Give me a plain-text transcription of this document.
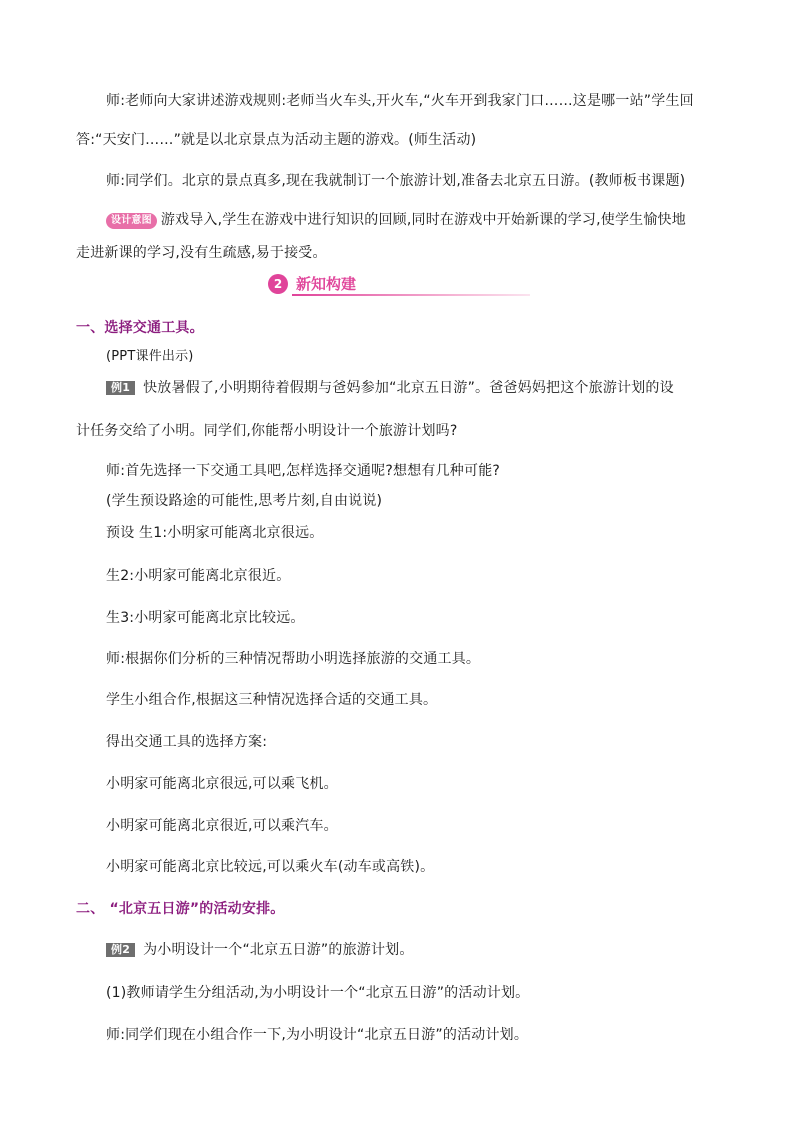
师:老师向大家讲述游戏规则:老师当火车头,开火车,“火车开到我家门口……这是哪一站”学生回
答:“天安门……”就是以北京景点为活动主题的游戏。(师生活动)
师:同学们。北京的景点真多,现在我就制订一个旅游计划,准备去北京五日游。(教师板书课题)
设计意图 游戏导入,学生在游戏中进行知识的回顾,同时在游戏中开始新课的学习,使学生愉快地
走进新课的学习,没有生疏感,易于接受。
2 新知构建
一、选择交通工具。
(PPT课件出示)
例1 快放暑假了,小明期待着假期与爸妈参加“北京五日游”。爸爸妈妈把这个旅游计划的设
计任务交给了小明。同学们,你能帮小明设计一个旅游计划吗?
师:首先选择一下交通工具吧,怎样选择交通呢?想想有几种可能?
(学生预设路途的可能性,思考片刻,自由说说)
预设 生1:小明家可能离北京很远。
生2:小明家可能离北京很近。
生3:小明家可能离北京比较远。
师:根据你们分析的三种情况帮助小明选择旅游的交通工具。
学生小组合作,根据这三种情况选择合适的交通工具。
得出交通工具的选择方案:
小明家可能离北京很远,可以乘飞机。
小明家可能离北京很近,可以乘汽车。
小明家可能离北京比较远,可以乘火车(动车或高铁)。
二、 “北京五日游”的活动安排。
例2 为小明设计一个“北京五日游”的旅游计划。
(1)教师请学生分组活动,为小明设计一个“北京五日游”的活动计划。
师:同学们现在小组合作一下,为小明设计“北京五日游”的活动计划。
